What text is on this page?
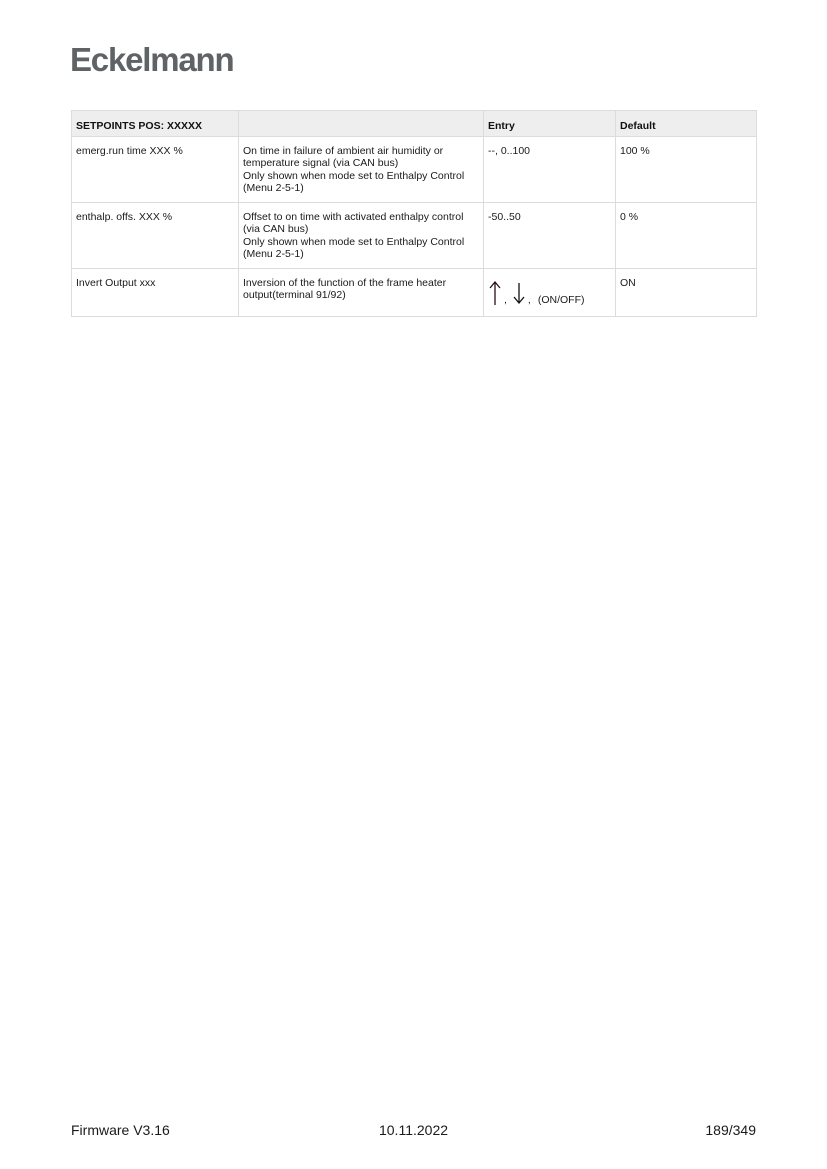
Eckelmann
SETPOINTS POS: XXXXX		Entry	Default
emerg.run time XXX %	On time in failure of ambient air humidity or
temperature signal (via CAN bus)
Only shown when mode set to Enthalpy Control
(Menu 2-5-1)	--, 0..100	100 %
enthalp. offs. XXX %	Offset to on time with activated enthalpy control
(via CAN bus)
Only shown when mode set to Enthalpy Control
(Menu 2-5-1)	-50..50	0 %
Invert Output xxx	Inversion of the function of the frame heater
output(terminal 91/92)	, , (ON/OFF)	ON
Firmware V3.16	10.11.2022	189/349
